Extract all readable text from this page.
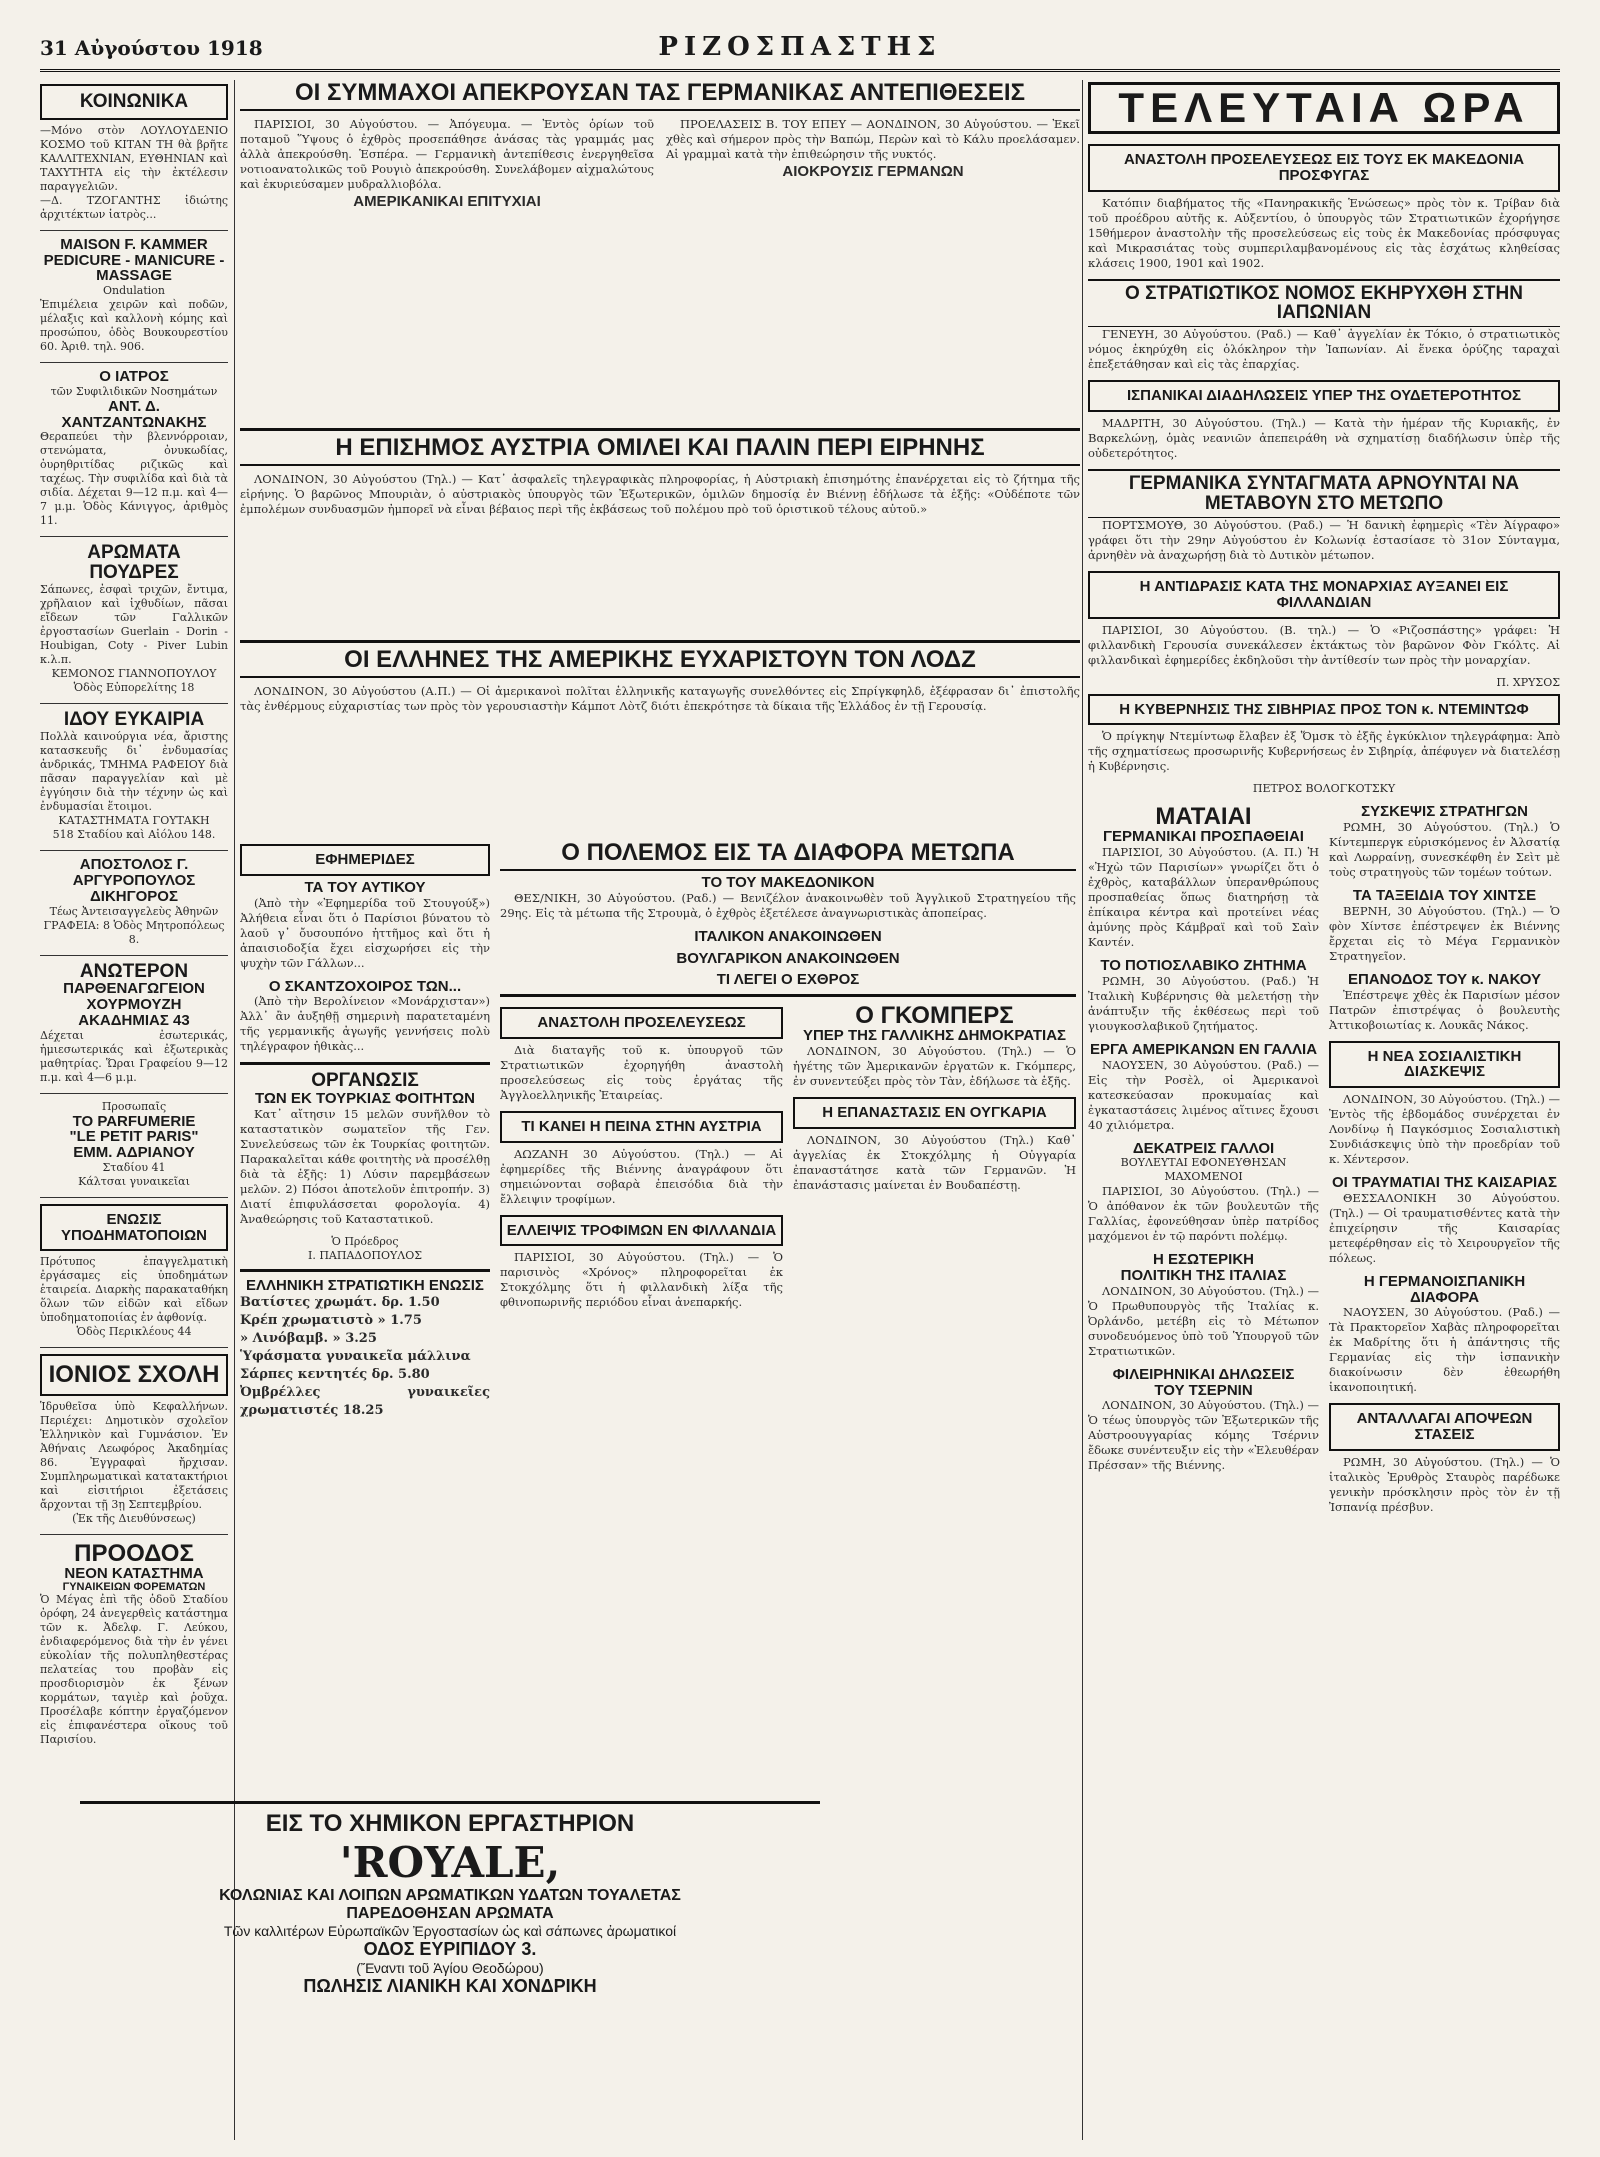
31 Αὐγούστου 1918	ΡΙΖΟΣΠΑΣΤΗΣ
ΚΟΙΝΩΝΙΚΑ
—Μόνο στὸν ΛΟΥΛΟΥΔΕΝΙΟ ΚΟΣΜΟ τοῦ ΚΙΤΑΝ ΤΗ θὰ βρῆτε ΚΑΛΛΙΤΕΧΝΙΑΝ, ΕΥΘΗΝΙΑΝ καὶ ΤΑΧΥΤΗΤΑ εἰς τὴν ἐκτέλεσιν παραγγελιῶν.
—Δ. ΤΖΟΓΑΝΤΗΣ ἰδιώτης ἀρχιτέκτων ἰατρὸς...
MAISON F. KAMMER
PEDICURE - MANICURE - MASSAGE
Ondulation
Ἐπιμέλεια χειρῶν καὶ ποδῶν, μέλαξις καὶ καλλονὴ κόμης καὶ προσώπου, ὁδὸς Βουκουρεστίου 60. Ἀριθ. τηλ. 906.
Ο ΙΑΤΡΟΣ
τῶν Συφιλιδικῶν Νοσημάτων
ΑΝΤ. Δ. ΧΑΝΤΖΑΝΤΩΝΑΚΗΣ
Θεραπεύει τὴν βλεννόρροιαν, στενώματα, ὀνυκωδίας, ὀυρηθριτίδας ριζικῶς καὶ ταχέως. Τὴν συφιλίδα καὶ διὰ τὰ σιδία. Δέχεται 9—12 π.μ. καὶ 4—7 μ.μ. Ὁδὸς Κάνιγγος, ἀριθμὸς 11.
ΑΡΩΜΑΤΑ ΠΟΥΔΡΕΣ
Σάπωνες, ἐσφαὶ τριχῶν, ἔντιμα, χρῆλαιον καὶ ἰχθυδίων, πᾶσαι εἴδεων τῶν Γαλλικῶν ἐργοστασίων Guerlain - Dorin - Houbigan, Coty - Piver Lubin κ.λ.π.
ΚΕΜΟΝΟΣ ΓΙΑΝΝΟΠΟΥΛΟΥ
Ὁδὸς Εὐπορελίτης 18
ΙΔΟΥ ΕΥΚΑΙΡΙΑ
Πολλὰ καινούργια νέα, ἄριστης κατασκευῆς δι᾽ ἐνδυμασίας ἀνδρικάς, ΤΜΗΜΑ ΡΑΦΕΙΟΥ διὰ πᾶσαν παραγγελίαν καὶ μὲ ἐγγύησιν διὰ τὴν τέχνην ὡς καὶ ἐνδυμασίαι ἕτοιμοι.
ΚΑΤΑΣΤΗΜΑΤΑ ΓΟΥΤΑΚΗ
518 Σταδίου καὶ Αἰόλου 148.
ΑΠΟΣΤΟΛΟΣ Γ. ΑΡΓΥΡΟΠΟΥΛΟΣ
ΔΙΚΗΓΟΡΟΣ
Τέως Ἀντεισαγγελεὺς Ἀθηνῶν
ΓΡΑΦΕΙΑ: 8 Ὁδὸς Μητροπόλεως 8.
ΑΝΩΤΕΡΟΝ
ΠΑΡΘΕΝΑΓΩΓΕΙΟΝ ΧΟΥΡΜΟΥΖΗ
ΑΚΑΔΗΜΙΑΣ 43
Δέχεται ἐσωτερικάς, ἡμιεσωτερικάς καὶ ἐξωτερικὰς μαθητρίας. Ὥραι Γραφείου 9—12 π.μ. καὶ 4—6 μ.μ.
Προσωπαῖς
TO PARFUMERIE
"LE PETIT PARIS"
ΕΜΜ. ΑΔΡΙΑΝΟΥ
Σταδίου 41
Κάλτσαι γυναικεῖαι
ΕΝΩΣΙΣ ΥΠΟΔΗΜΑΤΟΠΟΙΩΝ
Πρότυπος ἐπαγγελματικὴ ἐργάσαμες εἰς ὑποδημάτων ἑταιρεία. Διαρκὴς παρακαταθήκη ὅλων τῶν εἰδῶν καὶ εἴδων ὑποδηματοποιίας ἐν ἀφθονίᾳ.
Ὁδὸς Περικλέους 44
ΙΟΝΙΟΣ ΣΧΟΛΗ
Ἱδρυθεῖσα ὑπὸ Κεφαλλήνων. Περιέχει: Δημοτικὸν σχολεῖον Ἑλληνικὸν καὶ Γυμνάσιον. Ἐν Ἀθήναις Λεωφόρος Ἀκαδημίας 86. Ἐγγραφαὶ ἤρχισαν. Συμπληρωματικαὶ κατατακτήριοι καὶ εἰσιτήριοι ἐξετάσεις ἄρχονται τῇ 3ῃ Σεπτεμβρίου.
(Ἐκ τῆς Διευθύνσεως)
ΠΡΟΟΔΟΣ
ΝΕΟΝ ΚΑΤΑΣΤΗΜΑ
ΓΥΝΑΙΚΕΙΩΝ ΦΟΡΕΜΑΤΩΝ
Ὁ Μέγας ἐπὶ τῆς ὁδοῦ Σταδίου ὀρόφη, 24 ἀνεγερθεὶς κατάστημα τῶν κ. Ἀδελφ. Γ. Λεύκου, ἐνδιαφερόμενος διὰ τὴν ἐν γένει εὐκολίαν τῆς πολυπληθεστέρας πελατείας του προβὰν εἰς προσδιορισμὸν ἐκ ξένων κορμάτων, ταγιὲρ καὶ ῥοῦχα. Προσέλαβε κόπτην ἐργαζόμενον εἰς ἐπιφανέστερα οἴκους τοῦ Παρισίου.
ΕΙΣ ΤΟ ΧΗΜΙΚΟΝ ΕΡΓΑΣΤΗΡΙΟΝ
'ROYALE,
ΚΟΛΩΝΙΑΣ ΚΑΙ ΛΟΙΠΩΝ ΑΡΩΜΑΤΙΚΩΝ ΥΔΑΤΩΝ ΤΟΥΑΛΕΤΑΣ
ΠΑΡΕΔΟΘΗΣΑΝ ΑΡΩΜΑΤΑ
Τῶν καλλιτέρων Εὐρωπαϊκῶν Ἐργοστασίων ὡς καὶ σάπωνες ἀρωματικοί
ΟΔΟΣ ΕΥΡΙΠΙΔΟΥ 3.
(Ἔναντι τοῦ Ἁγίου Θεοδώρου)
ΠΩΛΗΣΙΣ ΛΙΑΝΙΚΗ ΚΑΙ ΧΟΝΔΡΙΚΗ
ΟΙ ΣΥΜΜΑΧΟΙ ΑΠΕΚΡΟΥΣΑΝ ΤΑΣ ΓΕΡΜΑΝΙΚΑΣ ΑΝΤΕΠΙΘΕΣΕΙΣ

ΠΑΡΙΣΙΟΙ, 30 Αὐγούστου. — Ἀπόγευμα. — Ἐντὸς ὁρίων τοῦ ποταμοῦ Ὕψους ὁ ἐχθρὸς προσεπάθησε ἀνάσας τὰς γραμμάς μας ἀλλὰ ἀπεκρούσθη. Ἑσπέρα. — Γερμανικὴ ἀντεπίθεσις ἐνεργηθεῖσα νοτιοανατολικῶς τοῦ Ρουγιὸ ἀπεκρούσθη. Συνελάβομεν αἰχμαλώτους καὶ ἐκυριεύσαμεν μυδραλλιοβόλα.

ΑΜΕΡΙΚΑΝΙΚΑΙ ΕΠΙΤΥΧΙΑΙ

ΠΡΟΕΛΑΣΕΙΣ Β. ΤΟΥ ΕΠΕΥ — ΑΟΝΔΙΝΟΝ, 30 Αὐγούστου. — Ἐκεῖ χθὲς καὶ σήμερον πρὸς τὴν Βαπώμ, Περὼν καὶ τὸ Κάλυ προελάσαμεν. Αἱ γραμμαὶ κατὰ τὴν ἐπιθεώρησιν τῆς νυκτός.

ΑΙΟΚΡΟΥΣΙΣ ΓΕΡΜΑΝΩΝ
Η ΕΠΙΣΗΜΟΣ ΑΥΣΤΡΙΑ ΟΜΙΛΕΙ ΚΑΙ ΠΑΛΙΝ ΠΕΡΙ ΕΙΡΗΝΗΣ

ΛΟΝΔΙΝΟΝ, 30 Αὐγούστου (Τηλ.) — Κατ᾽ ἀσφαλεῖς τηλεγραφικὰς πληροφορίας, ἡ Αὐστριακὴ ἐπισημότης ἐπανέρχεται εἰς τὸ ζήτημα τῆς εἰρήνης. Ὁ βαρῶνος Μπουριὰν, ὁ αὐστριακὸς ὑπουργὸς τῶν Ἐξωτερικῶν, ὁμιλῶν δημοσίᾳ ἐν Βιέννῃ ἐδήλωσε τὰ ἑξῆς: «Οὐδέποτε τῶν ἐμπολέμων συνδυασμῶν ἠμπορεῖ νὰ εἶναι βέβαιος περὶ τῆς ἐκβάσεως τοῦ πολέμου πρὸ τοῦ ὁριστικοῦ τέλους αὐτοῦ.»

ΟΙ ΕΛΛΗΝΕΣ ΤΗΣ ΑΜΕΡΙΚΗΣ ΕΥΧΑΡΙΣΤΟΥΝ ΤΟΝ ΛΟΔΖ

ΛΟΝΔΙΝΟΝ, 30 Αὐγούστου (Α.Π.) — Οἱ ἀμερικανοὶ πολῖται ἑλληνικῆς καταγωγῆς συνελθόντες εἰς Σπρίγκφηλδ, ἐξέφρασαν δι᾽ ἐπιστολῆς τὰς ἐνθέρμους εὐχαριστίας των πρὸς τὸν γερουσιαστὴν Κάμποτ Λὸτζ διότι ἐπεκρότησε τὰ δίκαια τῆς Ἑλλάδος ἐν τῇ Γερουσίᾳ.

ΕΦΗΜΕΡΙΔΕΣ
ΤΑ ΤΟΥ ΑΥΤΙΚΟΥ

(Ἀπὸ τὴν «Ἐφημερίδα τοῦ Στουγούξ») Ἀλήθεια εἶναι ὅτι ὁ Παρίσιοι βύνατου τὸ λαοῦ γ᾽ ὄυσουπόνο ἡττῆμος καὶ ὅτι ἡ ἀπαισιοδοξία ἔχει εἰσχωρήσει εἰς τὴν ψυχὴν τῶν Γάλλων...

Ο ΣΚΑΝΤΖΟΧΟΙΡΟΣ ΤΩΝ...

(Ἀπὸ τὴν Βερολίνειον «Μονάρχισταν») Ἀλλ᾽ ἂν ἀυξηθῇ σημερινὴ παρατεταμένη τῆς γερμανικῆς ἀγωγῆς γεννήσεις πολὺ τηλέγραφον ἠθικὰς...

ΟΡΓΑΝΩΣΙΣ
ΤΩΝ ΕΚ ΤΟΥΡΚΙΑΣ ΦΟΙΤΗΤΩΝ

Κατ᾽ αἴτησιν 15 μελῶν συνῆλθον τὸ καταστατικὸν σωματεῖον τῆς Γεν. Συνελεύσεως τῶν ἐκ Τουρκίας φοιτητῶν. Παρακαλεῖται κάθε φοιτητὴς νὰ προσέλθῃ διὰ τὰ ἑξῆς: 1) Λύσιν παρεμβάσεων μελῶν. 2) Πόσοι ἀποτελοῦν ἐπιτροπήν. 3) Διατί ἐπιφυλάσσεται φορολογία. 4) Ἀναθεώρησις τοῦ Καταστατικοῦ.

Ὁ Πρόεδρος
Ι. ΠΑΠΑΔΟΠΟΥΛΟΣ
ΕΛΛΗΝΙΚΗ ΣΤΡΑΤΙΩΤΙΚΗ ΕΝΩΣΙΣ
Βατίστες χρωμάτ. δρ. 1.50
Κρέπ χρωματιστὸ » 1.75
» Λινόβαμβ. » 3.25
Ὑφάσματα γυναικεῖα μάλλινα
Σάρπες κεντητές δρ. 5.80
Ὀμβρέλλες γυναικεῖες χρωματιστές 18.25
Ο ΠΟΛΕΜΟΣ ΕΙΣ ΤΑ ΔΙΑΦΟΡΑ ΜΕΤΩΠΑ
ΤΟ ΤΟΥ ΜΑΚΕΔΟΝΙΚΟΝ

ΘΕΣ/ΝΙΚΗ, 30 Αὐγούστου. (Ραδ.) — Βενιζέλον ἀνακοινωθὲν τοῦ Ἀγγλικοῦ Στρατηγείου τῆς 29ης. Εἰς τὰ μέτωπα τῆς Στρουμὰ, ὁ ἐχθρὸς ἐξετέλεσε ἀναγνωριστικὰς ἀποπείρας.

ΙΤΑΛΙΚΟΝ ΑΝΑΚΟΙΝΩΘΕΝ
ΒΟΥΛΓΑΡΙΚΟΝ ΑΝΑΚΟΙΝΩΘΕΝ
ΤΙ ΛΕΓΕΙ Ο ΕΧΘΡΟΣ
ΑΝΑΣΤΟΛΗ ΠΡΟΣΕΛΕΥΣΕΩΣ

Διὰ διαταγῆς τοῦ κ. ὑπουργοῦ τῶν Στρατιωτικῶν ἐχορηγήθη ἀναστολὴ προσελεύσεως εἰς τοὺς ἐργάτας τῆς Ἀγγλοελληνικῆς Ἐταιρείας.

ΤΙ ΚΑΝΕΙ Η ΠΕΙΝΑ ΣΤΗΝ ΑΥΣΤΡΙΑ

ΑΩΖΑΝΗ 30 Αὐγούστου. (Τηλ.) — Αἱ ἐφημερίδες τῆς Βιέννης ἀναγράφουν ὅτι σημειώνονται σοβαρὰ ἐπεισόδια διὰ τὴν ἔλλειψιν τροφίμων.

ΕΛΛΕΙΨΙΣ ΤΡΟΦΙΜΩΝ ΕΝ ΦΙΛΛΑΝΔΙΑ

ΠΑΡΙΣΙΟΙ, 30 Αὐγούστου. (Τηλ.) — Ὁ παρισινὸς «Χρόνος» πληροφορεῖται ἐκ Στοκχόλμης ὅτι ἡ φιλλανδικὴ λίξα τῆς φθινοπωρινῆς περιόδου εἶναι ἀνεπαρκής.

Ο ΓΚΟΜΠΕΡΣ
ΥΠΕΡ ΤΗΣ ΓΑΛΛΙΚΗΣ ΔΗΜΟΚΡΑΤΙΑΣ

ΛΟΝΔΙΝΟΝ, 30 Αὐγούστου. (Τηλ.) — Ὁ ἡγέτης τῶν Ἀμερικανῶν ἐργατῶν κ. Γκόμπερς, ἐν συνεντεύξει πρὸς τὸν Τὰν, ἐδήλωσε τὰ ἑξῆς.

Η ΕΠΑΝΑΣΤΑΣΙΣ ΕΝ ΟΥΓΚΑΡΙΑ

ΛΟΝΔΙΝΟΝ, 30 Αὐγούστου (Τηλ.) Καθ᾽ ἀγγελίας ἐκ Στοκχόλμης ἡ Οὐγγαρία ἐπαναστάτησε κατὰ τῶν Γερμανῶν. Ἡ ἐπανάστασις μαίνεται ἐν Βουδαπέστῃ.

ΤΕΛΕΥΤΑΙΑ ΩΡΑ
ΑΝΑΣΤΟΛΗ ΠΡΟΣΕΛΕΥΣΕΩΣ ΕΙΣ ΤΟΥΣ ΕΚ ΜΑΚΕΔΟΝΙΑ ΠΡΟΣΦΥΓΑΣ

Κατόπιν διαβήματος τῆς «Πανηρακικῆς Ἑνώσεως» πρὸς τὸν κ. Τρίβαν διὰ τοῦ προέδρου αὐτῆς κ. Αὐξεντίου, ὁ ὑπουργὸς τῶν Στρατιωτικῶν ἐχορήγησε 15θήμερον ἀναστολὴν τῆς προσελεύσεως εἰς τοὺς ἐκ Μακεδονίας πρόσφυγας καὶ Μικρασιάτας τοὺς συμπεριλαμβανομένους εἰς τὰς ἐσχάτως κληθείσας κλάσεις 1900, 1901 καὶ 1902.

Ο ΣΤΡΑΤΙΩΤΙΚΟΣ ΝΟΜΟΣ ΕΚΗΡΥΧΘΗ ΣΤΗΝ ΙΑΠΩΝΙΑΝ

ΓΕΝΕΥΗ, 30 Αὐγούστου. (Ραδ.) — Καθ᾽ ἀγγελίαν ἐκ Τόκιο, ὁ στρατιωτικὸς νόμος ἐκηρύχθη εἰς ὁλόκληρον τὴν Ἰαπωνίαν. Αἱ ἕνεκα ὀρύζης ταραχαὶ ἐπεξετάθησαν καὶ εἰς τὰς ἐπαρχίας.

ΙΣΠΑΝΙΚΑΙ ΔΙΑΔΗΛΩΣΕΙΣ ΥΠΕΡ ΤΗΣ ΟΥΔΕΤΕΡΟΤΗΤΟΣ

ΜΑΔΡΙΤΗ, 30 Αὐγούστου. (Τηλ.) — Κατὰ τὴν ἡμέραν τῆς Κυριακῆς, ἐν Βαρκελώνῃ, ὁμὰς νεανιῶν ἀπεπειράθη νὰ σχηματίσῃ διαδήλωσιν ὑπὲρ τῆς οὐδετερότητος.

ΓΕΡΜΑΝΙΚΑ ΣΥΝΤΑΓΜΑΤΑ ΑΡΝΟΥΝΤΑΙ ΝΑ ΜΕΤΑΒΟΥΝ ΣΤΟ ΜΕΤΩΠΟ

ΠΟΡΤΣΜΟΥΘ, 30 Αὐγούστου. (Ραδ.) — Ἡ δανικὴ ἐφημερὶς «Τὲν Ἀίγραφο» γράφει ὅτι τὴν 29ην Αὐγούστου ἐν Κολωνίᾳ ἐστασίασε τὸ 31ον Σύνταγμα, ἀρνηθὲν νὰ ἀναχωρήσῃ διὰ τὸ Δυτικὸν μέτωπον.

Η ΑΝΤΙΔΡΑΣΙΣ ΚΑΤΑ ΤΗΣ ΜΟΝΑΡΧΙΑΣ ΑΥΞΑΝΕΙ ΕΙΣ ΦΙΛΛΑΝΔΙΑΝ

ΠΑΡΙΣΙΟΙ, 30 Αὐγούστου. (Β. τηλ.) — Ὁ «Ριζοσπάστης» γράφει: Ἡ φιλλανδικὴ Γερουσία συνεκάλεσεν ἐκτάκτως τὸν βαρῶνον Φὸν Γκόλτς. Αἱ φιλλανδικαὶ ἐφημερίδες ἐκδηλοῦσι τὴν ἀντίθεσίν των πρὸς τὴν μοναρχίαν.

Π. ΧΡΥΣΟΣ
Η ΚΥΒΕΡΝΗΣΙΣ ΤΗΣ ΣΙΒΗΡΙΑΣ ΠΡΟΣ ΤΟΝ κ. ΝΤΕΜΙΝΤΩΦ

Ὁ πρίγκηψ Ντεμίντωφ ἔλαβεν ἐξ Ὅμσκ τὸ ἑξῆς ἐγκύκλιον τηλεγράφημα: Ἀπὸ τῆς σχηματίσεως προσωρινῆς Κυβερνήσεως ἐν Σιβηρίᾳ, ἀπέφυγεν νὰ διατελέσῃ ἡ Κυβέρνησις.

ΠΕΤΡΟΣ ΒΟΛΟΓΚΟΤΣΚΥ
ΜΑΤΑΙΑΙ
ΓΕΡΜΑΝΙΚΑΙ ΠΡΟΣΠΑΘΕΙΑΙ

ΠΑΡΙΣΙΟΙ, 30 Αὐγούστου. (Α. Π.) Ἡ «Ἠχὼ τῶν Παρισίων» γνωρίζει ὅτι ὁ ἐχθρὸς, καταβάλλων ὑπερανθρώπους προσπαθείας ὅπως διατηρήσῃ τὰ ἐπίκαιρα κέντρα καὶ προτείνει νέας ἀμύνης πρὸς Κάμβραϊ καὶ τοῦ Σαὶν Καντέν.

ΤΟ ΠΟΤΙΟΣΛΑΒΙΚΟ ΖΗΤΗΜΑ

ΡΩΜΗ, 30 Αὐγούστου. (Ραδ.) Ἡ Ἰταλικὴ Κυβέρνησις θὰ μελετήσῃ τὴν ἀνάπτυξιν τῆς ἐκθέσεως περὶ τοῦ γιουγκοσλαβικοῦ ζητήματος.

ΕΡΓΑ ΑΜΕΡΙΚΑΝΩΝ ΕΝ ΓΑΛΛΙΑ

ΝΑΟΥΣΕΝ, 30 Αὐγούστου. (Ραδ.) — Εἰς τὴν Ροσὲλ, οἱ Ἀμερικανοὶ κατεσκεύασαν προκυμαίας καὶ ἐγκαταστάσεις λιμένος αἵτινες ἔχουσι 40 χιλιόμετρα.

ΔΕΚΑΤΡΕΙΣ ΓΑΛΛΟΙ
ΒΟΥΛΕΥΤΑΙ ΕΦΟΝΕΥΘΗΣΑΝ ΜΑΧΟΜΕΝΟΙ

ΠΑΡΙΣΙΟΙ, 30 Αὐγούστου. (Τηλ.) — Ὁ ἀπόθανον ἐκ τῶν βουλευτῶν τῆς Γαλλίας, ἐφονεύθησαν ὑπὲρ πατρίδος μαχόμενοι ἐν τῷ παρόντι πολέμῳ.

Η ΕΣΩΤΕΡΙΚΗ
ΠΟΛΙΤΙΚΗ ΤΗΣ ΙΤΑΛΙΑΣ

ΛΟΝΔΙΝΟΝ, 30 Αὐγούστου. (Τηλ.) — Ὁ Πρωθυπουργὸς τῆς Ἰταλίας κ. Ὀρλάνδο, μετέβη εἰς τὸ Μέτωπον συνοδευόμενος ὑπὸ τοῦ Ὑπουργοῦ τῶν Στρατιωτικῶν.

ΦΙΛΕΙΡΗΝΙΚΑΙ ΔΗΛΩΣΕΙΣ
ΤΟΥ ΤΣΕΡΝΙΝ

ΛΟΝΔΙΝΟΝ, 30 Αὐγούστου. (Τηλ.) — Ὁ τέως ὑπουργὸς τῶν Ἐξωτερικῶν τῆς Αὐστροουγγαρίας κόμης Τσέρνιν ἔδωκε συνέντευξιν εἰς τὴν «Ἐλευθέραν Πρέσσαν» τῆς Βιέννης.

ΣΥΣΚΕΨΙΣ ΣΤΡΑΤΗΓΩΝ

ΡΩΜΗ, 30 Αὐγούστου. (Τηλ.) Ὁ Κίντεμπεργκ εὑρισκόμενος ἐν Ἀλσατίᾳ καὶ Λωρραίνῃ, συνεσκέφθη ἐν Σεὶτ μὲ τοὺς στρατηγοὺς τῶν τομέων τούτων.

ΤΑ ΤΑΞΕΙΔΙΑ ΤΟΥ ΧΙΝΤΣΕ

ΒΕΡΝΗ, 30 Αὐγούστου. (Τηλ.) — Ὁ φὸν Χίντσε ἐπέστρεψεν ἐκ Βιέννης ἔρχεται εἰς τὸ Μέγα Γερμανικὸν Στρατηγεῖον.

ΕΠΑΝΟΔΟΣ ΤΟΥ κ. ΝΑΚΟΥ

Ἐπέστρεψε χθὲς ἐκ Παρισίων μέσον Πατρῶν ἐπιστρέψας ὁ βουλευτὴς Ἀττικοβοιωτίας κ. Λουκᾶς Νάκος.

Η ΝΕΑ ΣΟΣΙΑΛΙΣΤΙΚΗ ΔΙΑΣΚΕΨΙΣ

ΛΟΝΔΙΝΟΝ, 30 Αὐγούστου. (Τηλ.) — Ἐντὸς τῆς ἑβδομάδος συνέρχεται ἐν Λονδίνῳ ἡ Παγκόσμιος Σοσιαλιστικὴ Συνδιάσκεψις ὑπὸ τὴν προεδρίαν τοῦ κ. Χέντερσον.

ΟΙ ΤΡΑΥΜΑΤΙΑΙ ΤΗΣ ΚΑΙΣΑΡΙΑΣ

ΘΕΣΣΑΛΟΝΙΚΗ 30 Αὐγούστου. (Τηλ.) — Οἱ τραυματισθέντες κατὰ τὴν ἐπιχείρησιν τῆς Καισαρίας μετεφέρθησαν εἰς τὸ Χειρουργεῖον τῆς πόλεως.

Η ΓΕΡΜΑΝΟΙΣΠΑΝΙΚΗ ΔΙΑΦΟΡΑ

ΝΑΟΥΣΕΝ, 30 Αὐγούστου. (Ραδ.) — Τὰ Πρακτορεῖον Χαβὰς πληροφορεῖται ἐκ Μαδρίτης ὅτι ἡ ἀπάντησις τῆς Γερμανίας εἰς τὴν ἰσπανικὴν διακοίνωσιν δὲν ἐθεωρήθη ἱκανοποιητική.

ΑΝΤΑΛΛΑΓΑΙ ΑΠΟΨΕΩΝ ΣΤΑΣΕΙΣ

ΡΩΜΗ, 30 Αὐγούστου. (Τηλ.) — Ὁ ἰταλικὸς Ἐρυθρὸς Σταυρὸς παρέδωκε γενικὴν πρόσκλησιν πρὸς τὸν ἐν τῇ Ἰσπανίᾳ πρέσβυν.
